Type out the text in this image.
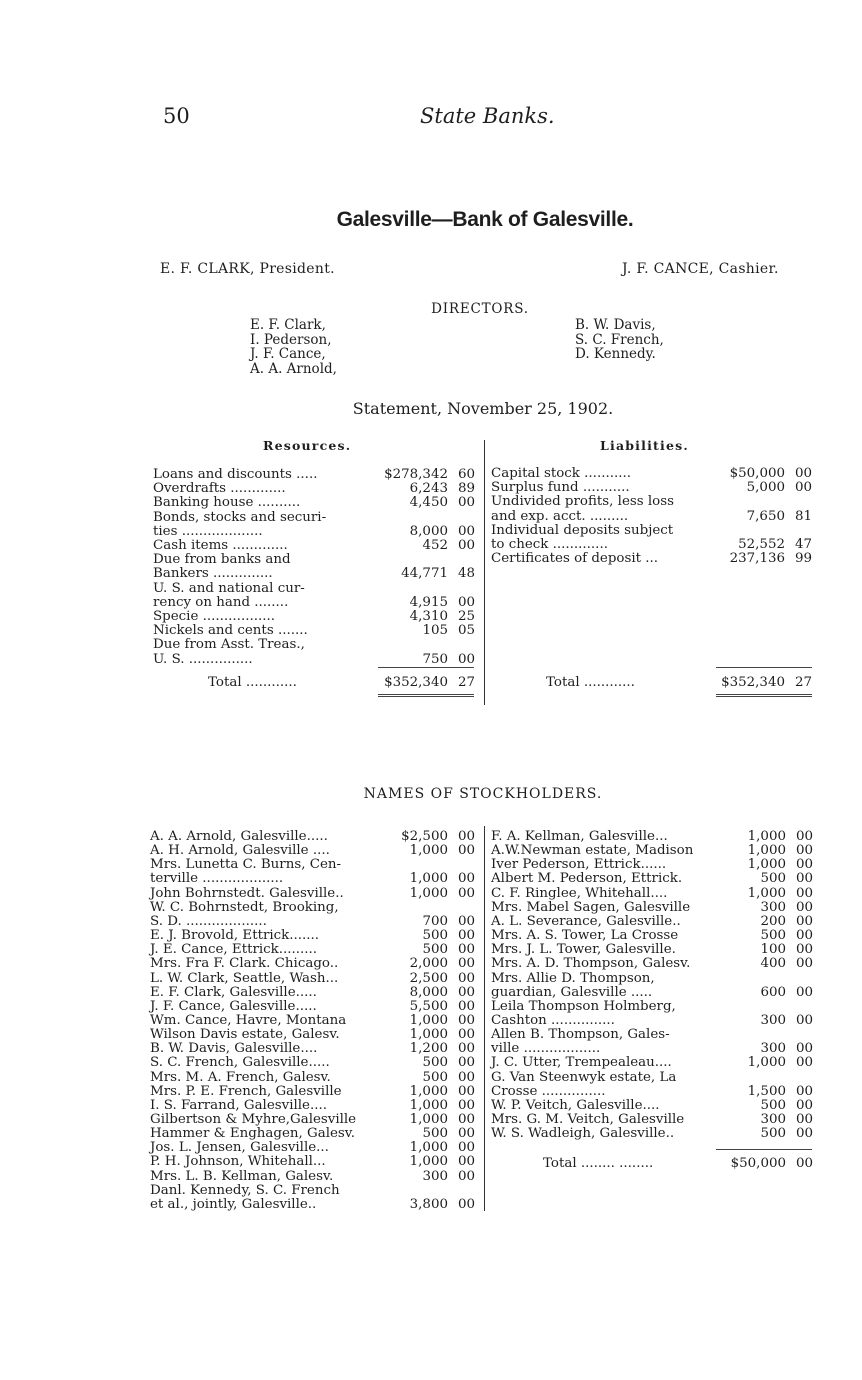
50	State Banks.
Galesville—Bank of Galesville.
E. F. CLARK, President.	J. F. CANCE, Cashier.
DIRECTORS.
E. F. Clark,
I. Pederson,
J. F. Cance,
A. A. Arnold,
B. W. Davis,
S. C. French,
D. Kennedy.
Statement, November 25, 1902.
Resources.	Liabilities.
Loans and discounts .....	$278,342 60
Overdrafts .............	6,243 89
Banking house ..........	4,450 00
Bonds, stocks and securi-
ties ...................	8,000 00
Cash items .............	452 00
Due from banks and
Bankers ..............	44,771 48
U. S. and national cur-
rency on hand ........	4,915 00
Specie .................	4,310 25
Nickels and cents .......	105 05
Due from Asst. Treas.,
U. S. ...............	750 00
Total ............	$352,340 27
Capital stock ...........	$50,000 00
Surplus fund ...........	5,000 00
Undivided profits, less loss
and exp. acct. .........	7,650 81
Individual deposits subject
to check .............	52,552 47
Certificates of deposit ...	237,136 99
Total ............	$352,340 27
NAMES OF STOCKHOLDERS.
A. A. Arnold, Galesville.....	$2,500 00
A. H. Arnold, Galesville ....	1,000 00
Mrs. Lunetta C. Burns, Cen-
terville ...................	1,000 00
John Bohrnstedt. Galesville..	1,000 00
W. C. Bohrnstedt, Brooking,
S. D. ...................	700 00
E. J. Brovold, Ettrick.......	500 00
J. E. Cance, Ettrick.........	500 00
Mrs. Fra F. Clark. Chicago..	2,000 00
L. W. Clark, Seattle, Wash...	2,500 00
E. F. Clark, Galesville.....	8,000 00
J. F. Cance, Galesville.....	5,500 00
Wm. Cance, Havre, Montana	1,000 00
Wilson Davis estate, Galesv.	1,000 00
B. W. Davis, Galesville....	1,200 00
S. C. French, Galesville.....	500 00
Mrs. M. A. French, Galesv.	500 00
Mrs. P. E. French, Galesville	1,000 00
I. S. Farrand, Galesville....	1,000 00
Gilbertson & Myhre,Galesville	1,000 00
Hammer & Enghagen, Galesv.	500 00
Jos. L. Jensen, Galesville...	1,000 00
P. H. Johnson, Whitehall...	1,000 00
Mrs. L. B. Kellman, Galesv.	300 00
Danl. Kennedy, S. C. French
et al., jointly, Galesville..	3,800 00
F. A. Kellman, Galesville...	1,000 00
A.W.Newman estate, Madison	1,000 00
Iver Pederson, Ettrick......	1,000 00
Albert M. Pederson, Ettrick.	500 00
C. F. Ringlee, Whitehall....	1,000 00
Mrs. Mabel Sagen, Galesville	300 00
A. L. Severance, Galesville..	200 00
Mrs. A. S. Tower, La Crosse	500 00
Mrs. J. L. Tower, Galesville.	100 00
Mrs. A. D. Thompson, Galesv.	400 00
Mrs. Allie D. Thompson,
guardian, Galesville .....	600 00
Leila Thompson Holmberg,
Cashton ...............	300 00
Allen B. Thompson, Gales-
ville ..................	300 00
J. C. Utter, Trempealeau....	1,000 00
G. Van Steenwyk estate, La
Crosse ...............	1,500 00
W. P. Veitch, Galesville....	500 00
Mrs. G. M. Veitch, Galesville	300 00
W. S. Wadleigh, Galesville..	500 00
Total ........ ........	$50,000 00
